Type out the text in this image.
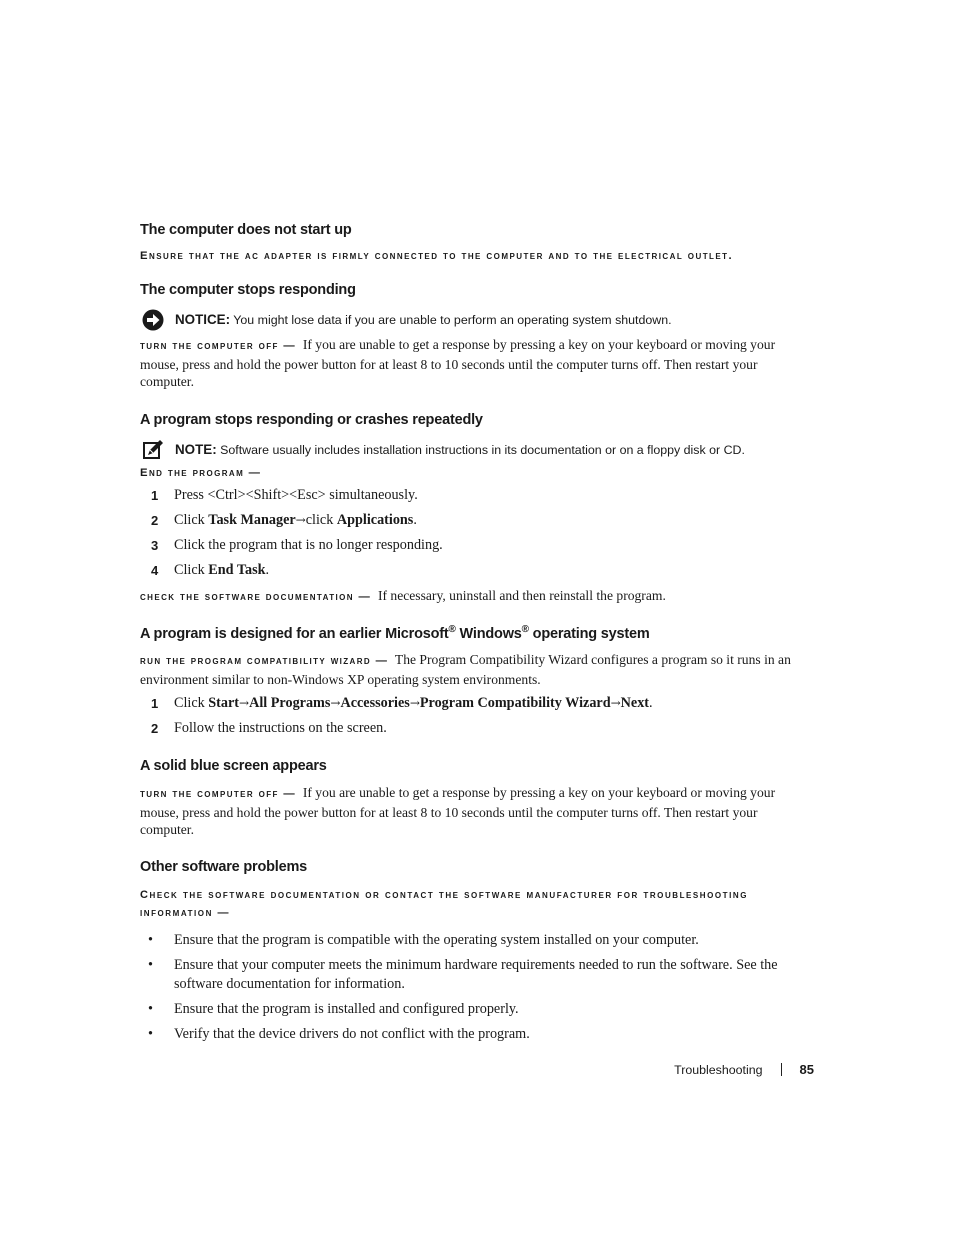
The computer does not start up

Ensure that the ac adapter is firmly connected to the computer and to the electrical outlet.

The computer stops responding
NOTICE: You might lose data if you are unable to perform an operating system shutdown.

turn the computer off — If you are unable to get a response by pressing a key on your keyboard or moving your mouse, press and hold the power button for at least 8 to 10 seconds until the computer turns off. Then restart your computer.

A program stops responding or crashes repeatedly
NOTE: Software usually includes installation instructions in its documentation or on a floppy disk or CD.

End the program —

1 Press <Ctrl><Shift><Esc> simultaneously.
2 Click Task Manager→click Applications.
3 Click the program that is no longer responding.
4 Click End Task.

check the software documentation — If necessary, uninstall and then reinstall the program.

A program is designed for an earlier Microsoft® Windows® operating system

run the program compatibility wizard — The Program Compatibility Wizard configures a program so it runs in an environment similar to non-Windows XP operating system environments.

1 Click Start→All Programs→Accessories→Program Compatibility Wizard→Next.
2 Follow the instructions on the screen.
A solid blue screen appears

turn the computer off — If you are unable to get a response by pressing a key on your keyboard or moving your mouse, press and hold the power button for at least 8 to 10 seconds until the computer turns off. Then restart your computer.

Other software problems

Check the software documentation or contact the software manufacturer for troubleshooting
information —

• Ensure that the program is compatible with the operating system installed on your computer.
• Ensure that your computer meets the minimum hardware requirements needed to run the software. See the software documentation for information.
• Ensure that the program is installed and configured properly.
• Verify that the device drivers do not conflict with the program.
Troubleshooting	85
